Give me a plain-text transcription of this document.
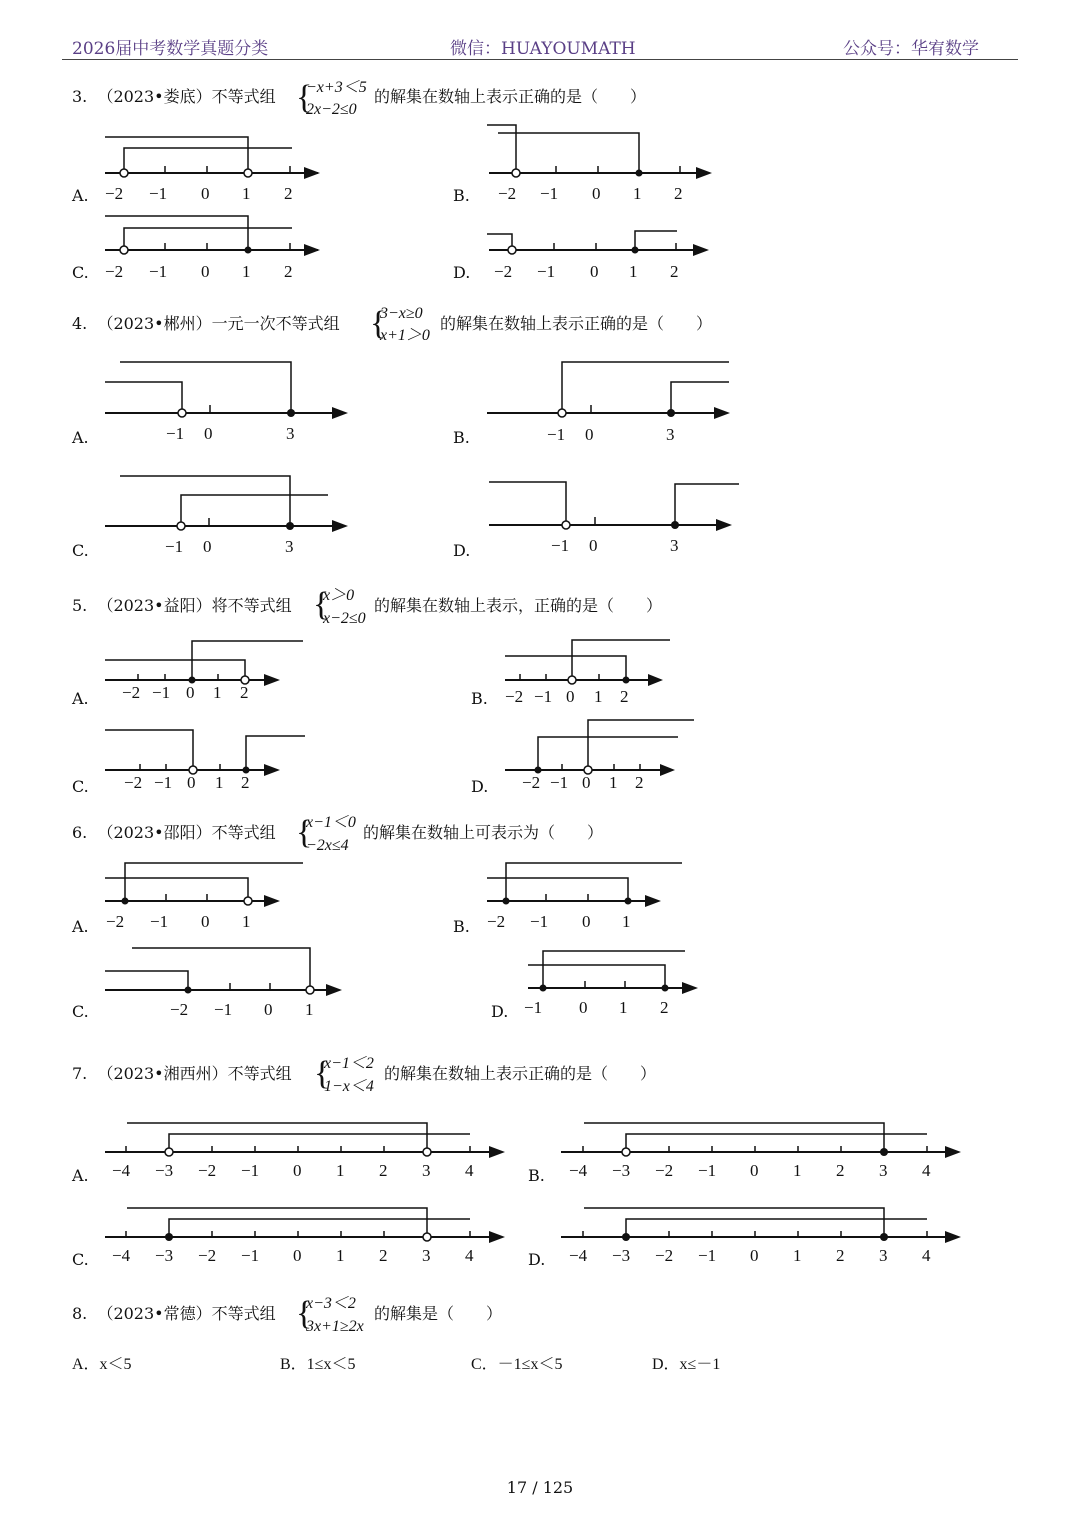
2026届中考数学真题分类	微信：HUAYOUMATH	公众号：华宥数学
3. （2023•娄底）不等式组 {
−x+3＜5
2x−2≤0
的解集在数轴上表示正确的是（　　）
A.	B.
C.	D.
−2 −1 0 1 2	−2 −1 0 1 2
−2 −1 0 1 2	−2 −1 0 1 2
4. （2023•郴州）一元一次不等式组 {
3−x≥0
x+1＞0
的解集在数轴上表示正确的是（　　）
A.	B.
C.	D.
−1 0	3	−1 0	3
−1 0	3	−1 0	3
5. （2023•益阳）将不等式组 {
x＞0
x−2≤0
的解集在数轴上表示，正确的是（　　）
A.	B.
C.	D.
−2 −1 0 1 2	−2 −1 0 1 2
−2 −1 0 1 2	−2 −1 0 1 2
6. （2023•邵阳）不等式组 {
x−1＜0
−2x≤4
的解集在数轴上可表示为（　　）
A.	B.
C.	D.
−2 −1 0 1	−2 −1 0 1
−2 −1 0 1	−1 0 1 2
7. （2023•湘西州）不等式组 {
x−1＜2
1−x＜4
的解集在数轴上表示正确的是（　　）
A.	B.
C.	D.
−4 −3 −2 −1 0 1 2 3 4	−4 −3 −2 −1 0 1 2 3 4
−4 −3 −2 −1 0 1 2 3 4	−4 −3 −2 −1 0 1 2 3 4
8. （2023•常德）不等式组 {
x−3＜2
3x+1≥2x
的解集是（　　）
A．x＜5	B．1≤x＜5	C．－1≤x＜5	D．x≤－1
17 / 125
